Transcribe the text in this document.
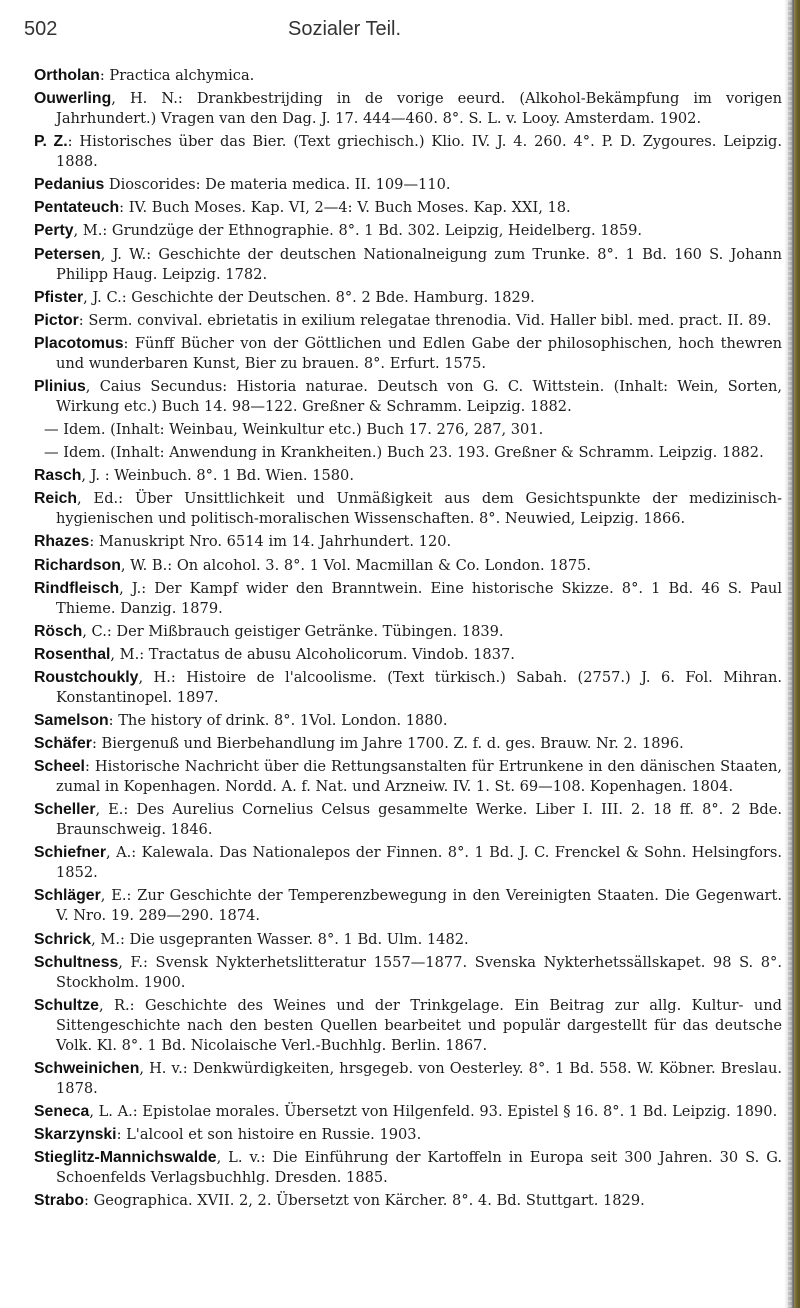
502	Sozialer Teil.

Ortholan: Practica alchymica.

Ouwerling, H. N.: Drankbestrijding in de vorige eeurd. (Alkohol-Bekämpfung im vorigen Jahrhundert.) Vragen van den Dag. J. 17. 444—460. 8°. S. L. v. Looy. Amsterdam. 1902.

P. Z.: Historisches über das Bier. (Text griechisch.) Klio. IV. J. 4. 260. 4°. P. D. Zygoures. Leipzig. 1888.

Pedanius Dioscorides: De materia medica. II. 109—110.

Pentateuch: IV. Buch Moses. Kap. VI, 2—4: V. Buch Moses. Kap. XXI, 18.

Perty, M.: Grundzüge der Ethnographie. 8°. 1 Bd. 302. Leipzig, Heidelberg. 1859.

Petersen, J. W.: Geschichte der deutschen Nationalneigung zum Trunke. 8°. 1 Bd. 160 S. Johann Philipp Haug. Leipzig. 1782.

Pfister, J. C.: Geschichte der Deutschen. 8°. 2 Bde. Hamburg. 1829.

Pictor: Serm. convival. ebrietatis in exilium relegatae threnodia. Vid. Haller bibl. med. pract. II. 89.

Placotomus: Fünff Bücher von der Göttlichen und Edlen Gabe der philosophischen, hoch thewren und wunderbaren Kunst, Bier zu brauen. 8°. Erfurt. 1575.

Plinius, Caius Secundus: Historia naturae. Deutsch von G. C. Wittstein. (Inhalt: Wein, Sorten, Wirkung etc.) Buch 14. 98—122. Greßner & Schramm. Leipzig. 1882.

— Idem. (Inhalt: Weinbau, Weinkultur etc.) Buch 17. 276, 287, 301.

— Idem. (Inhalt: Anwendung in Krankheiten.) Buch 23. 193. Greßner & Schramm. Leipzig. 1882.

Rasch, J. : Weinbuch. 8°. 1 Bd. Wien. 1580.

Reich, Ed.: Über Unsittlichkeit und Unmäßigkeit aus dem Gesichtspunkte der medizinisch-hygienischen und politisch-moralischen Wissenschaften. 8°. Neuwied, Leipzig. 1866.

Rhazes: Manuskript Nro. 6514 im 14. Jahrhundert. 120.

Richardson, W. B.: On alcohol. 3. 8°. 1 Vol. Macmillan & Co. London. 1875.

Rindfleisch, J.: Der Kampf wider den Branntwein. Eine historische Skizze. 8°. 1 Bd. 46 S. Paul Thieme. Danzig. 1879.

Rösch, C.: Der Mißbrauch geistiger Getränke. Tübingen. 1839.

Rosenthal, M.: Tractatus de abusu Alcoholicorum. Vindob. 1837.

Roustchoukly, H.: Histoire de l'alcoolisme. (Text türkisch.) Sabah. (2757.) J. 6. Fol. Mihran. Konstantinopel. 1897.

Samelson: The history of drink. 8°. 1Vol. London. 1880.

Schäfer: Biergenuß und Bierbehandlung im Jahre 1700. Z. f. d. ges. Brauw. Nr. 2. 1896.

Scheel: Historische Nachricht über die Rettungsanstalten für Ertrunkene in den dänischen Staaten, zumal in Kopenhagen. Nordd. A. f. Nat. und Arzneiw. IV. 1. St. 69—108. Kopenhagen. 1804.

Scheller, E.: Des Aurelius Cornelius Celsus gesammelte Werke. Liber I. III. 2. 18 ff. 8°. 2 Bde. Braunschweig. 1846.

Schiefner, A.: Kalewala. Das Nationalepos der Finnen. 8°. 1 Bd. J. C. Frenckel & Sohn. Helsingfors. 1852.

Schläger, E.: Zur Geschichte der Temperenzbewegung in den Vereinigten Staaten. Die Gegenwart. V. Nro. 19. 289—290. 1874.

Schrick, M.: Die usgepranten Wasser. 8°. 1 Bd. Ulm. 1482.

Schultness, F.: Svensk Nykterhetslitteratur 1557—1877. Svenska Nykterhetssällskapet. 98 S. 8°. Stockholm. 1900.

Schultze, R.: Geschichte des Weines und der Trinkgelage. Ein Beitrag zur allg. Kultur- und Sittengeschichte nach den besten Quellen bearbeitet und populär dargestellt für das deutsche Volk. Kl. 8°. 1 Bd. Nicolaische Verl.-Buchhlg. Berlin. 1867.

Schweinichen, H. v.: Denkwürdigkeiten, hrsgegeb. von Oesterley. 8°. 1 Bd. 558. W. Köbner. Breslau. 1878.

Seneca, L. A.: Epistolae morales. Übersetzt von Hilgenfeld. 93. Epistel § 16. 8°. 1 Bd. Leipzig. 1890.

Skarzynski: L'alcool et son histoire en Russie. 1903.

Stieglitz-Mannichswalde, L. v.: Die Einführung der Kartoffeln in Europa seit 300 Jahren. 30 S. G. Schoenfelds Verlagsbuchhlg. Dresden. 1885.

Strabo: Geographica. XVII. 2, 2. Übersetzt von Kärcher. 8°. 4. Bd. Stuttgart. 1829.
